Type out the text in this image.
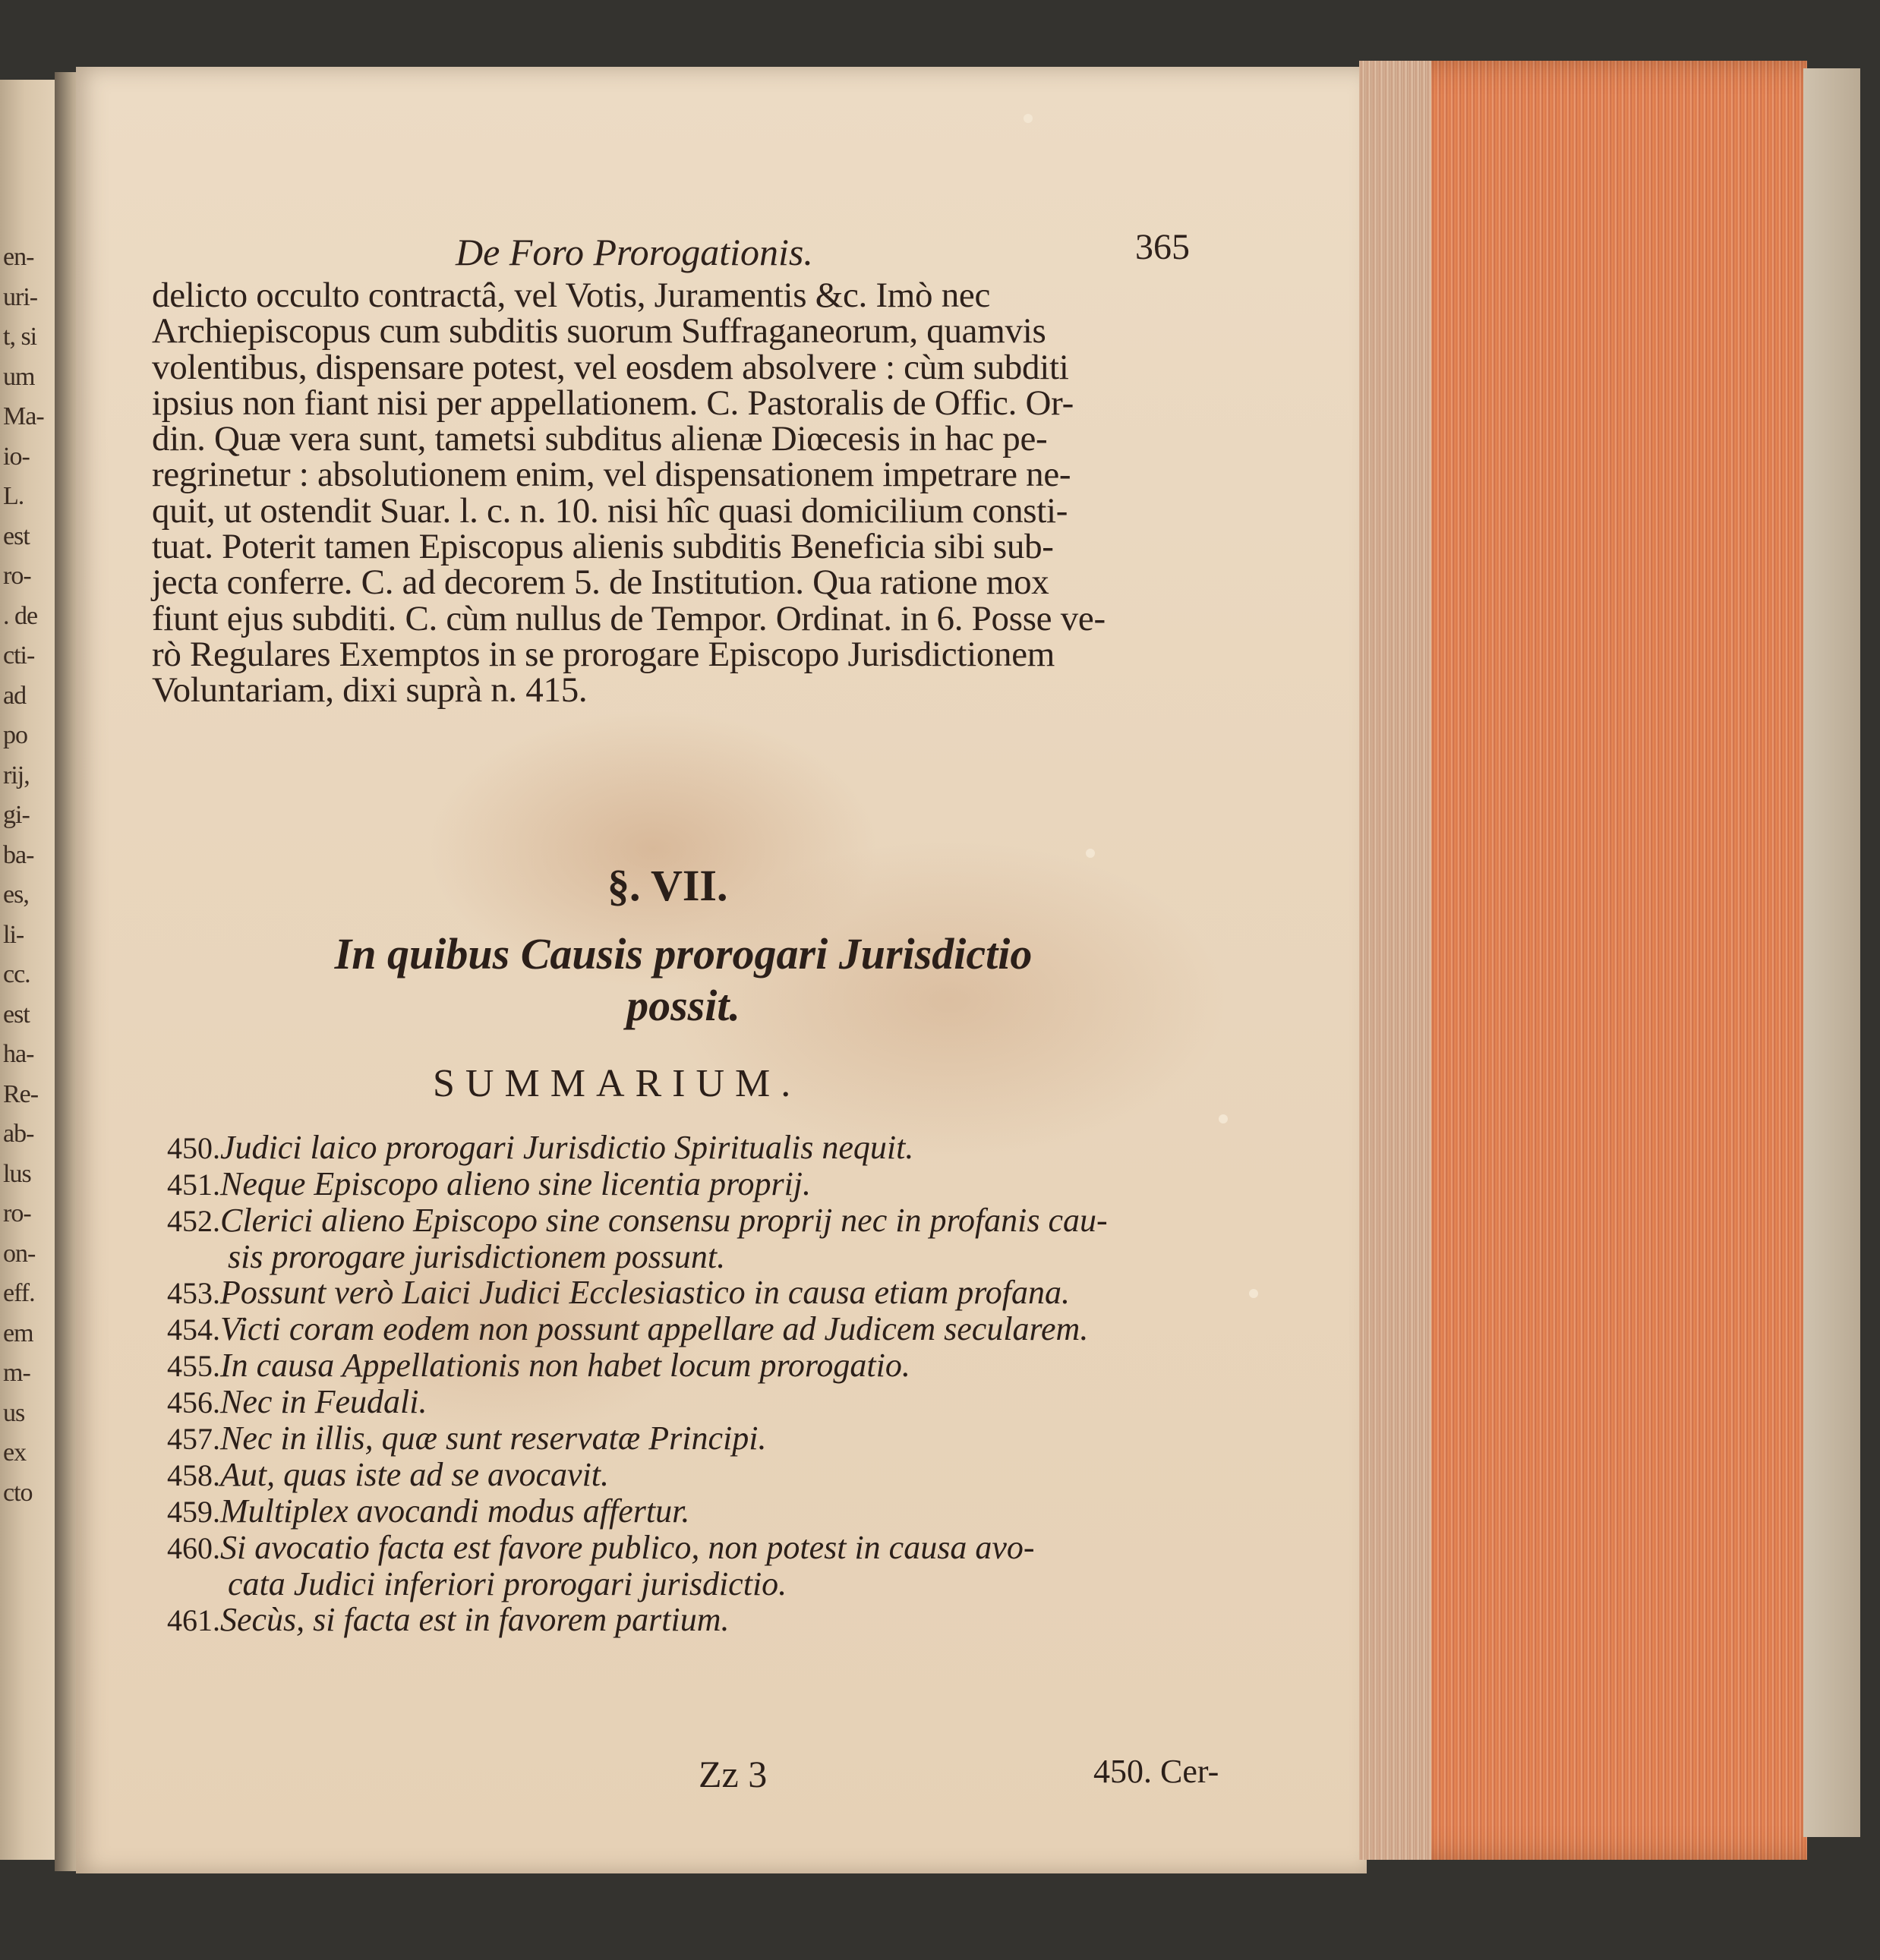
en-
uri-
t, si
um
Ma-
io-
L.
est
ro-
. de
cti-
ad
po
rij,
gi-
ba-
es,
li-
cc.
est
ha-
Re-
ab-
lus
ro-
on-
eff.
em
m-
us
ex
cto
De Foro Prorogationis.	365
delicto occulto contractâ, vel Votis, Juramentis &c. Imò nec
Archiepiscopus cum subditis suorum Suffraganeorum, quamvis
volentibus, dispensare potest, vel eosdem absolvere : cùm subditi
ipsius non fiant nisi per appellationem. C. Pastoralis de Offic. Or-
din. Quæ vera sunt, tametsi subditus alienæ Diœcesis in hac pe-
regrinetur : absolutionem enim, vel dispensationem impetrare ne-
quit, ut ostendit Suar. l. c. n. 10. nisi hîc quasi domicilium consti-
tuat. Poterit tamen Episcopus alienis subditis Beneficia sibi sub-
jecta conferre. C. ad decorem 5. de Institution. Qua ratione mox
fiunt ejus subditi. C. cùm nullus de Tempor. Ordinat. in 6. Posse ve-
rò Regulares Exemptos in se prorogare Episcopo Jurisdictionem
Voluntariam, dixi suprà n. 415.
§. VII.
In quibus Causis prorogari Jurisdictio
possit.
SUMMARIUM.
450.Judici laico prorogari Jurisdictio Spiritualis nequit.
451.Neque Episcopo alieno sine licentia proprij.
452.Clerici alieno Episcopo sine consensu proprij nec in profanis cau-
sis prorogare jurisdictionem possunt.
453.Possunt verò Laici Judici Ecclesiastico in causa etiam profana.
454.Victi coram eodem non possunt appellare ad Judicem secularem.
455.In causa Appellationis non habet locum prorogatio.
456.Nec in Feudali.
457.Nec in illis, quæ sunt reservatæ Principi.
458.Aut, quas iste ad se avocavit.
459.Multiplex avocandi modus affertur.
460.Si avocatio facta est favore publico, non potest in causa avo-
cata Judici inferiori prorogari jurisdictio.
461.Secùs, si facta est in favorem partium.
Zz 3	450. Cer-
